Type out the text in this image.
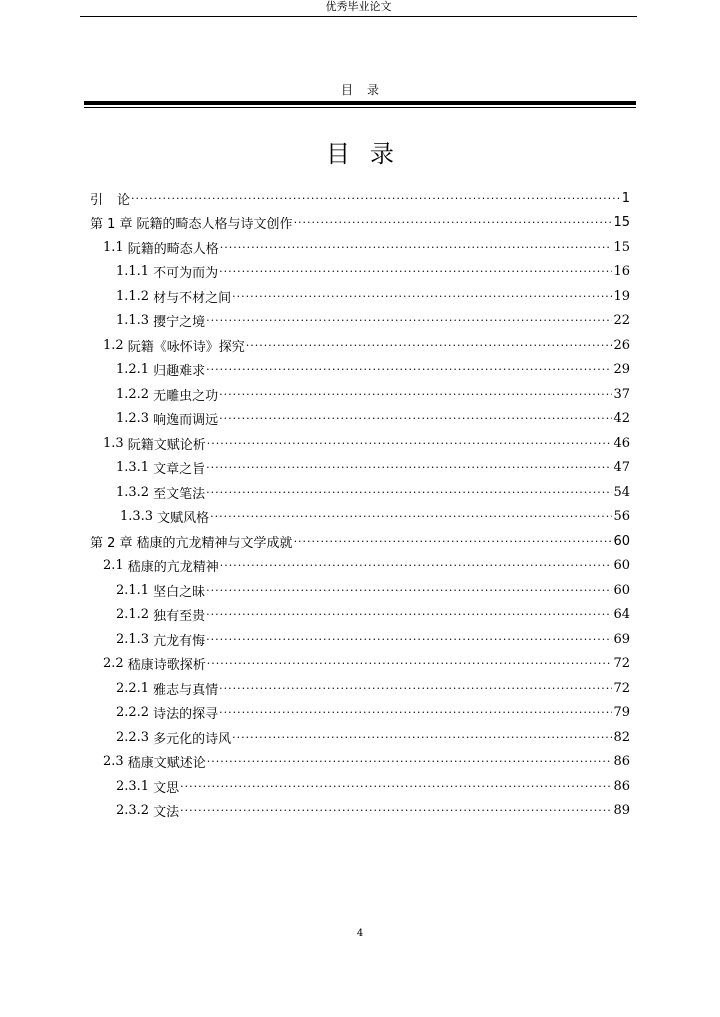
优秀毕业论文
目录
目录
引 论 ·····	1
第 1 章 阮籍的畸态人格与诗文创作 ·····	15
1.1 阮籍的畸态人格 ·····	15
1.1.1 不可为而为 ·····	16
1.1.2 材与不材之间 ·····	19
1.1.3 撄宁之境 ·····	22
1.2 阮籍《咏怀诗》探究 ·····	26
1.2.1 归趣难求 ·····	29
1.2.2 无雕虫之功 ·····	37
1.2.3 响逸而调远 ·····	42
1.3 阮籍文赋论析 ·····	46
1.3.1 文章之旨 ·····	47
1.3.2 至文笔法 ·····	54
1.3.3 文赋风格 ·····	56
第 2 章 嵇康的亢龙精神与文学成就 ·····	60
2.1 嵇康的亢龙精神 ·····	60
2.1.1 坚白之昧 ·····	60
2.1.2 独有至贵 ·····	64
2.1.3 亢龙有悔 ·····	69
2.2 嵇康诗歌探析 ·····	72
2.2.1 雅志与真情 ·····	72
2.2.2 诗法的探寻 ·····	79
2.2.3 多元化的诗风 ·····	82
2.3 嵇康文赋述论 ·····	86
2.3.1 文思 ·····	86
2.3.2 文法 ·····	89
4
